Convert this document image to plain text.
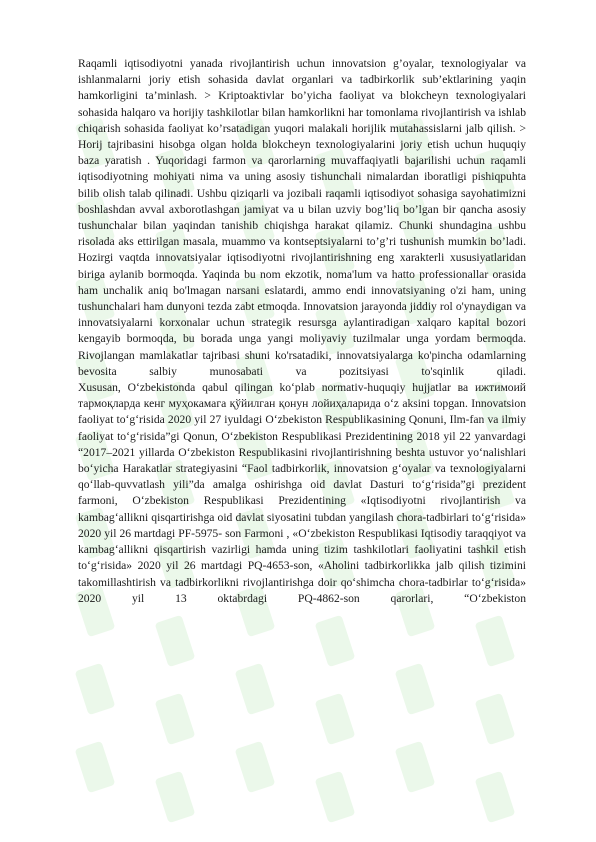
Raqamli iqtisodiyotni yanada rivojlantirish uchun innovatsion g’oyalar, texnologiyalar va ishlanmalarni joriy etish sohasida davlat organlari va tadbirkorlik sub’ektlarining yaqin hamkorligini ta’minlash. > Kriptoaktivlar bo’yicha faoliyat va blokcheyn texnologiyalari sohasida halqaro va horijiy tashkilotlar bilan hamkorlikni har tomonlama rivojlantirish va ishlab chiqarish sohasida faoliyat ko’rsatadigan yuqori malakali horijlik mutahassislarni jalb qilish. > Horij tajribasini hisobga olgan holda blokcheyn texnologiyalarini joriy etish uchun huquqiy baza yaratish . Yuqoridagi farmon va qarorlarning muvaffaqiyatli bajarilishi uchun raqamli iqtisodiyotning mohiyati nima va uning asosiy tishunchali nimalardan iboratligi pishiqpuhta bilib olish talab qilinadi. Ushbu qiziqarli va jozibali raqamli iqtisodiyot sohasiga sayohatimizni boshlashdan avval axborotlashgan jamiyat va u bilan uzviy bog’liq bo’lgan bir qancha asosiy tushunchalar bilan yaqindan tanishib chiqishga harakat qilamiz. Chunki shundagina ushbu risolada aks ettirilgan masala, muammo va kontseptsiyalarni to’g’ri tushunish mumkin bo’ladi.

Hozirgi vaqtda innovatsiyalar iqtisodiyotni rivojlantirishning eng xarakterli xususiyatlaridan biriga aylanib bormoqda. Yaqinda bu nom ekzotik, noma'lum va hatto professionallar orasida ham unchalik aniq bo'lmagan narsani eslatardi, ammo endi innovatsiyaning o'zi ham, uning tushunchalari ham dunyoni tezda zabt etmoqda. Innovatsion jarayonda jiddiy rol o'ynaydigan va innovatsiyalarni korxonalar uchun strategik resursga aylantiradigan xalqaro kapital bozori kengayib bormoqda, bu borada unga yangi moliyaviy tuzilmalar unga yordam bermoqda. Rivojlangan mamlakatlar tajribasi shuni ko'rsatadiki, innovatsiyalarga ko'pincha odamlarning bevosita salbiy munosabati va pozitsiyasi to'sqinlik qiladi.

Xususan, O‘zbekistonda qabul qilingan ko‘plab normativ-huquqiy hujjatlar ва ижтимоий тармоқларда кенг муҳокамага қўйилган қонун лойиҳаларида o‘z aksini topgan. Innovatsion faoliyat to‘g‘risida 2020 yil 27 iyuldagi O‘zbekiston Respublikasining Qonuni, Ilm-fan va ilmiy faoliyat to‘g‘risida”gi Qonun, O‘zbekiston Respublikasi Prezidentining 2018 yil 22 yanvardagi “2017–2021 yillarda O‘zbekiston Respublikasini rivojlantirishning beshta ustuvor yo‘nalishlari bo‘yicha Harakatlar strategiyasini “Faol tadbirkorlik, innovatsion g‘oyalar va texnologiyalarni qo‘llab-quvvatlash yili”da amalga oshirishga oid davlat Dasturi to‘g‘risida”gi prezident farmoni, O‘zbekiston Respublikasi Prezidentining «Iqtisodiyotni rivojlantirish va kambag‘allikni qisqartirishga oid davlat siyosatini tubdan yangilash chora-tadbirlari to‘g‘risida» 2020 yil 26 martdagi PF-5975- son Farmoni , «O‘zbekiston Respublikasi Iqtisodiy taraqqiyot va kambag‘allikni qisqartirish vazirligi hamda uning tizim tashkilotlari faoliyatini tashkil etish to‘g‘risida» 2020 yil 26 martdagi PQ-4653-son, «Aholini tadbirkorlikka jalb qilish tizimini takomillashtirish va tadbirkorlikni rivojlantirishga doir qo‘shimcha chora-tadbirlar to‘g‘risida» 2020 yil 13 oktabrdagi PQ-4862-son qarorlari, “O‘zbekiston
